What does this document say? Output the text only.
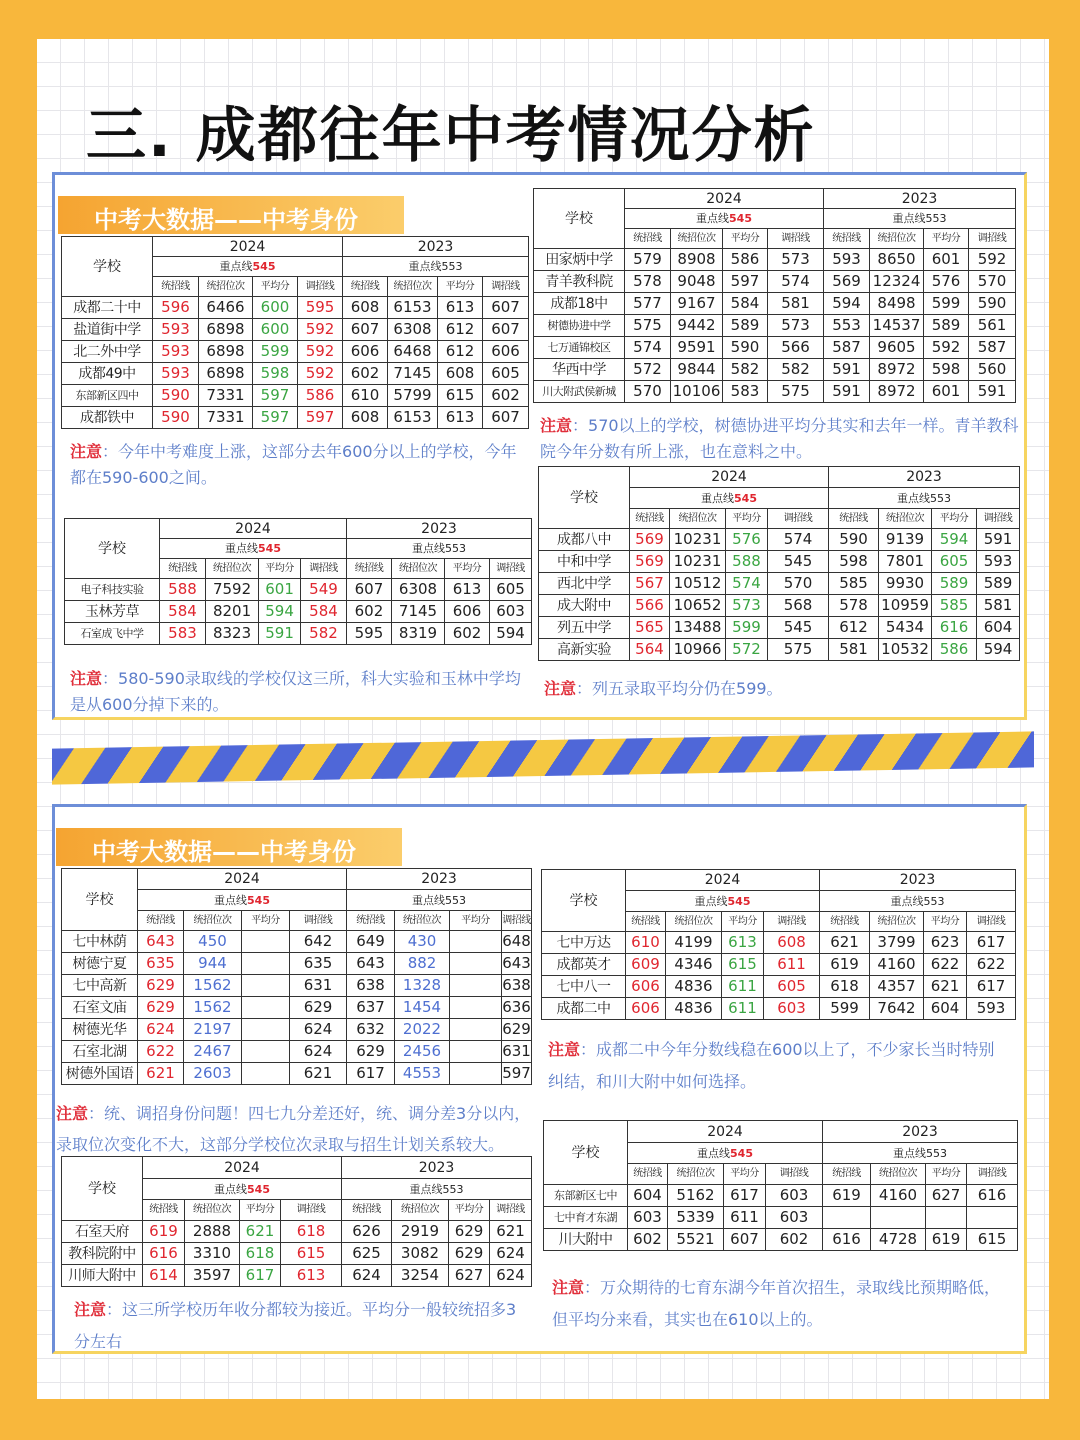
三. 成都往年中考情况分析
中考大数据——中考身份
学校	2024				2023			
	重点线545				重点线553			
	统招线	统招位次	平均分	调招线	统招线	统招位次	平均分	调招线
成都二十中	596	6466	600	595	608	6153	613	607
盐道街中学	593	6898	600	592	607	6308	612	607
北二外中学	593	6898	599	592	606	6468	612	606
成都49中	593	6898	598	592	602	7145	608	605
东部新区四中	590	7331	597	586	610	5799	615	602
成都铁中	590	7331	597	597	608	6153	613	607
学校	2024				2023			
	重点线545				重点线553			
	统招线	统招位次	平均分	调招线	统招线	统招位次	平均分	调招线
田家炳中学	579	8908	586	573	593	8650	601	592
青羊教科院	578	9048	597	574	569	12324	576	570
成都18中	577	9167	584	581	594	8498	599	590
树德协进中学	575	9442	589	573	553	14537	589	561
七万通锦校区	574	9591	590	566	587	9605	592	587
华西中学	572	9844	582	582	591	8972	598	560
川大附武侯新城	570	10106	583	575	591	8972	601	591
学校	2024				2023			
	重点线545				重点线553			
	统招线	统招位次	平均分	调招线	统招线	统招位次	平均分	调招线
电子科技实验	588	7592	601	549	607	6308	613	605
玉林芳草	584	8201	594	584	602	7145	606	603
石室成飞中学	583	8323	591	582	595	8319	602	594
学校	2024				2023			
	重点线545				重点线553			
	统招线	统招位次	平均分	调招线	统招线	统招位次	平均分	调招线
成都八中	569	10231	576	574	590	9139	594	591
中和中学	569	10231	588	545	598	7801	605	593
西北中学	567	10512	574	570	585	9930	589	589
成大附中	566	10652	573	568	578	10959	585	581
列五中学	565	13488	599	545	612	5434	616	604
高新实验	564	10966	572	575	581	10532	586	594
注意：今年中考难度上涨，这部分去年600分以上的学校，今年都在590-600之间。
注意：570以上的学校，树德协进平均分其实和去年一样。青羊教科院今年分数有所上涨，也在意料之中。
注意：580-590录取线的学校仅这三所，科大实验和玉林中学均是从600分掉下来的。
注意：列五录取平均分仍在599。
中考大数据——中考身份
学校	2024				2023			
	重点线545				重点线553			
	统招线	统招位次	平均分	调招线	统招线	统招位次	平均分	调招线
七中林荫	643	450		642	649	430		648
树德宁夏	635	944		635	643	882		643
七中高新	629	1562		631	638	1328		638
石室文庙	629	1562		629	637	1454		636
树德光华	624	2197		624	632	2022		629
石室北湖	622	2467		624	629	2456		631
树德外国语	621	2603		621	617	4553		597
学校	2024				2023			
	重点线545				重点线553			
	统招线	统招位次	平均分	调招线	统招线	统招位次	平均分	调招线
七中万达	610	4199	613	608	621	3799	623	617
成都英才	609	4346	615	611	619	4160	622	622
七中八一	606	4836	611	605	618	4357	621	617
成都二中	606	4836	611	603	599	7642	604	593
学校	2024				2023			
	重点线545				重点线553			
	统招线	统招位次	平均分	调招线	统招线	统招位次	平均分	调招线
石室天府	619	2888	621	618	626	2919	629	621
教科院附中	616	3310	618	615	625	3082	629	624
川师大附中	614	3597	617	613	624	3254	627	624
学校	2024				2023			
	重点线545				重点线553			
	统招线	统招位次	平均分	调招线	统招线	统招位次	平均分	调招线
东部新区七中	604	5162	617	603	619	4160	627	616
七中育才东湖	603	5339	611	603				
川大附中	602	5521	607	602	616	4728	619	615
注意：统、调招身份问题！四七九分差还好，统、调分差3分以内，录取位次变化不大，这部分学校位次录取与招生计划关系较大。
注意：成都二中今年分数线稳在600以上了，不少家长当时特别纠结，和川大附中如何选择。
注意：这三所学校历年收分都较为接近。平均分一般较统招多3分左右
注意：万众期待的七育东湖今年首次招生，录取线比预期略低，但平均分来看，其实也在610以上的。
